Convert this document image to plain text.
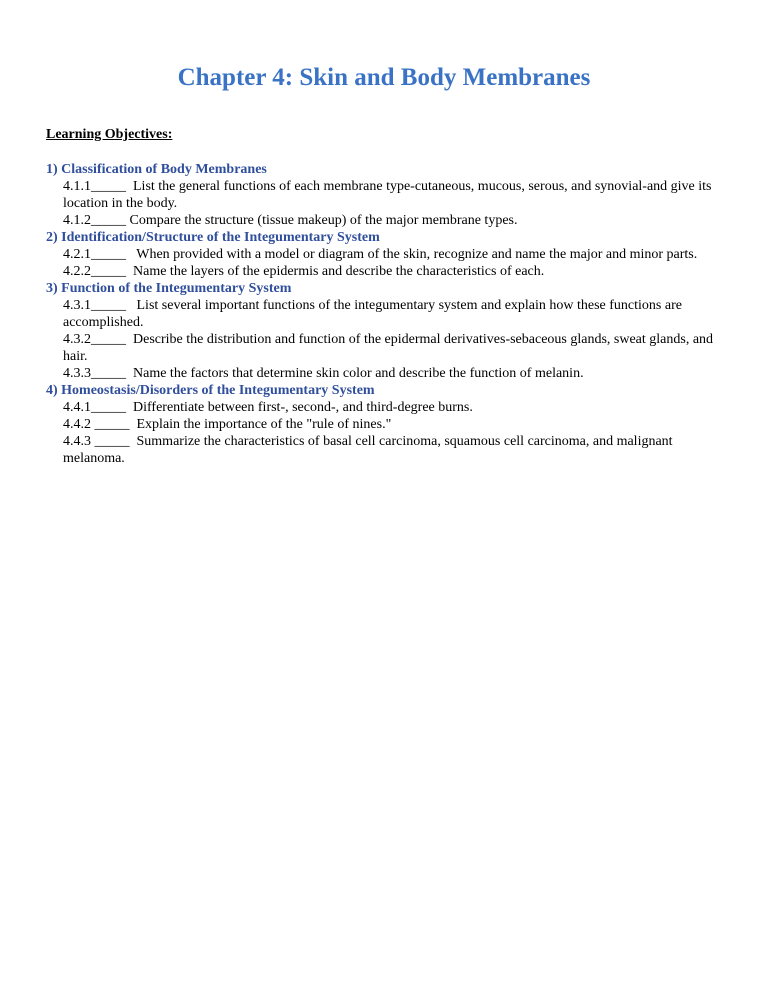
Chapter 4: Skin and Body Membranes
Learning Objectives:
1) Classification of Body Membranes
4.1.1_____  List the general functions of each membrane type-cutaneous, mucous, serous, and synovial-and give its location in the body.
4.1.2_____ Compare the structure (tissue makeup) of the major membrane types.
2) Identification/Structure of the Integumentary System
4.2.1_____   When provided with a model or diagram of the skin, recognize and name the major and minor parts.
4.2.2_____  Name the layers of the epidermis and describe the characteristics of each.
3) Function of the Integumentary System
4.3.1_____   List several important functions of the integumentary system and explain how these functions are accomplished.
4.3.2_____  Describe the distribution and function of the epidermal derivatives-sebaceous glands, sweat glands, and hair.
4.3.3_____  Name the factors that determine skin color and describe the function of melanin.
4) Homeostasis/Disorders of the Integumentary System
4.4.1_____  Differentiate between first-, second-, and third-degree burns.
4.4.2 _____  Explain the importance of the "rule of nines."
4.4.3 _____  Summarize the characteristics of basal cell carcinoma, squamous cell carcinoma, and malignant melanoma.
